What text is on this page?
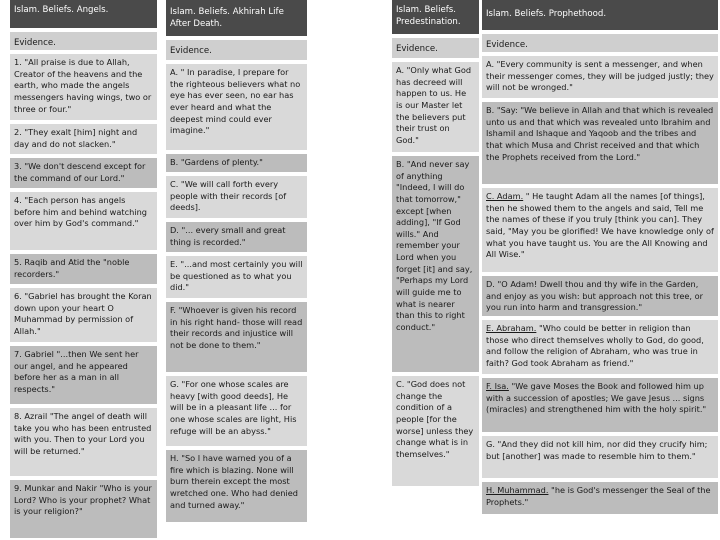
Islam. Beliefs. Angels.
Evidence.
1. "All praise is due to Allah, Creator of the heavens and the earth, who made the angels messengers having wings, two or three or four."
2. "They exalt [him] night and day and do not slacken."
3. "We don't descend except for the command of our Lord."
4. "Each person has angels before him and behind watching over him by God's command."
5. Raqib and Atid the "noble recorders."
6. "Gabriel has brought the Koran down upon your heart O Muhammad by permission of Allah."
7. Gabriel "...then We sent her our angel, and he appeared before her as a man in all respects."
8. Azrail "The angel of death will take you who has been entrusted with you. Then to your Lord you will be returned."
9. Munkar and Nakir "Who is your Lord? Who is your prophet? What is your religion?"
Islam. Beliefs. Akhirah Life After Death.
Evidence.
A. " In paradise, I prepare for the righteous believers what no eye has ever seen, no ear has ever heard and what the deepest mind could ever imagine."
B. "Gardens of plenty."
C. "We will call forth every people with their records [of deeds].
D. "... every small and great thing is recorded."
E. "...and most certainly you will be questioned as to what you did."
F. "Whoever is given his record in his right hand- those will read their records and injustice will not be done to them."
G. "For one whose scales are heavy [with good deeds], He will be in a pleasant life ... for one whose scales are light, His refuge will be an abyss."
H. "So I have warned you of a fire which is blazing. None will burn therein except the most wretched one. Who had denied and turned away."
Islam. Beliefs. Predestination.
Evidence.
A. "Only what God has decreed will happen to us. He is our Master let the believers put their trust on God."
B. "And never say of anything "Indeed, I will do that tomorrow," except [when adding], "If God wills." And remember your Lord when you forget [it] and say, "Perhaps my Lord will guide me to what is nearer than this to right conduct."
C. "God does not change the condition of a people [for the worse] unless they change what is in themselves."
Islam. Beliefs. Prophethood.
Evidence.
A. "Every community is sent a messenger, and when their messenger comes, they will be judged justly; they will not be wronged."
B. "Say: "We believe in Allah and that which is revealed unto us and that which was revealed unto Ibrahim and Ishamil and Ishaque and Yaqoob and the tribes and that which Musa and Christ received and that which the Prophets received from the Lord."
C. Adam. " He taught Adam all the names [of things], then he showed them to the angels and said, Tell me the names of these if you truly [think you can]. They said, "May you be glorified! We have knowledge only of what you have taught us. You are the All Knowing and All Wise."
D. "O Adam! Dwell thou and thy wife in the Garden, and enjoy as you wish: but approach not this tree, or you run into harm and transgression."
E. Abraham. "Who could be better in religion than those who direct themselves wholly to God, do good, and follow the religion of Abraham, who was true in faith? God took Abraham as friend."
F. Isa. "We gave Moses the Book and followed him up with a succession of apostles; We gave Jesus ... signs (miracles) and strengthened him with the holy spirit."
G. "And they did not kill him, nor did they crucify him; but [another] was made to resemble him to them."
H. Muhammad. "he is God's messenger the Seal of the Prophets."
